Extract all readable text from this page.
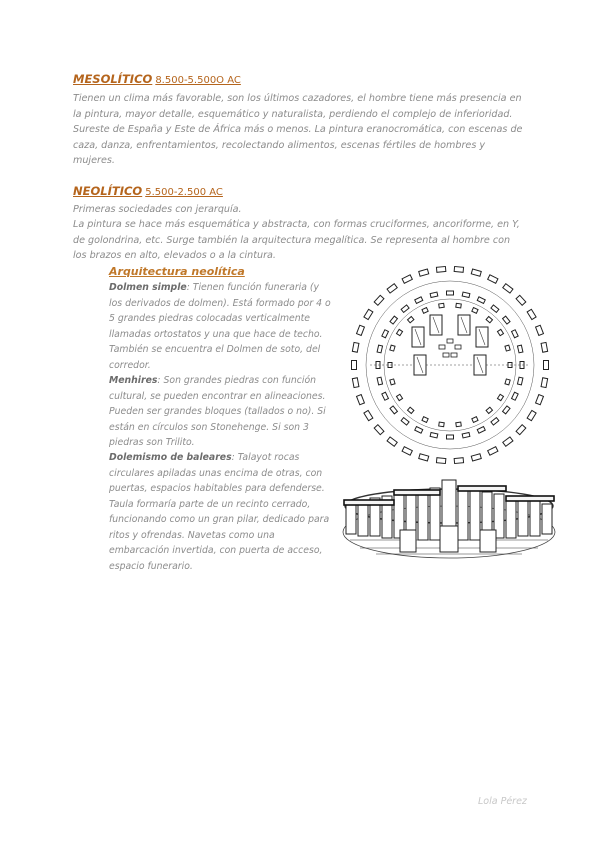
MESOLÍTICO 8.500-5.500O AC

Tienen un clima más favorable, son los últimos cazadores, el hombre tiene más presencia en la pintura, mayor detalle, esquemático y naturalista, perdiendo el complejo de inferioridad. Sureste de España y Este de África más o menos. La pintura eranocromática, con escenas de caza, danza, enfrentamientos, recolectando alimentos, escenas fértiles de hombres y mujeres.

NEOLÍTICO 5.500-2.500 AC

Primeras sociedades con jerarquía.

La pintura se hace más esquemática y abstracta, con formas cruciformes, ancoriforme, en Y, de golondrina, etc. Surge también la arquitectura megalítica. Se representa al hombre con los brazos en alto, elevados o a la cintura.

Arquitectura neolítica

Dolmen simple: Tienen función funeraria (y los derivados de dolmen). Está formado por 4 o 5 grandes piedras colocadas verticalmente llamadas ortostatos y una que hace de techo. También se encuentra el Dolmen de soto, del corredor.

Menhires: Son grandes piedras con función cultural, se pueden encontrar en alineaciones. Pueden ser grandes bloques (tallados o no). Si están en círculos son Stonehenge. Si son 3 piedras son Trilito.

Dolemismo de baleares: Talayot rocas circulares apiladas unas encima de otras, con puertas, espacios habitables para defenderse. Taula formaría parte de un recinto cerrado, funcionando como un gran pilar, dedicado para ritos y ofrendas. Navetas como una embarcación invertida, con puerta de acceso, espacio funerario.

Lola Pérez
